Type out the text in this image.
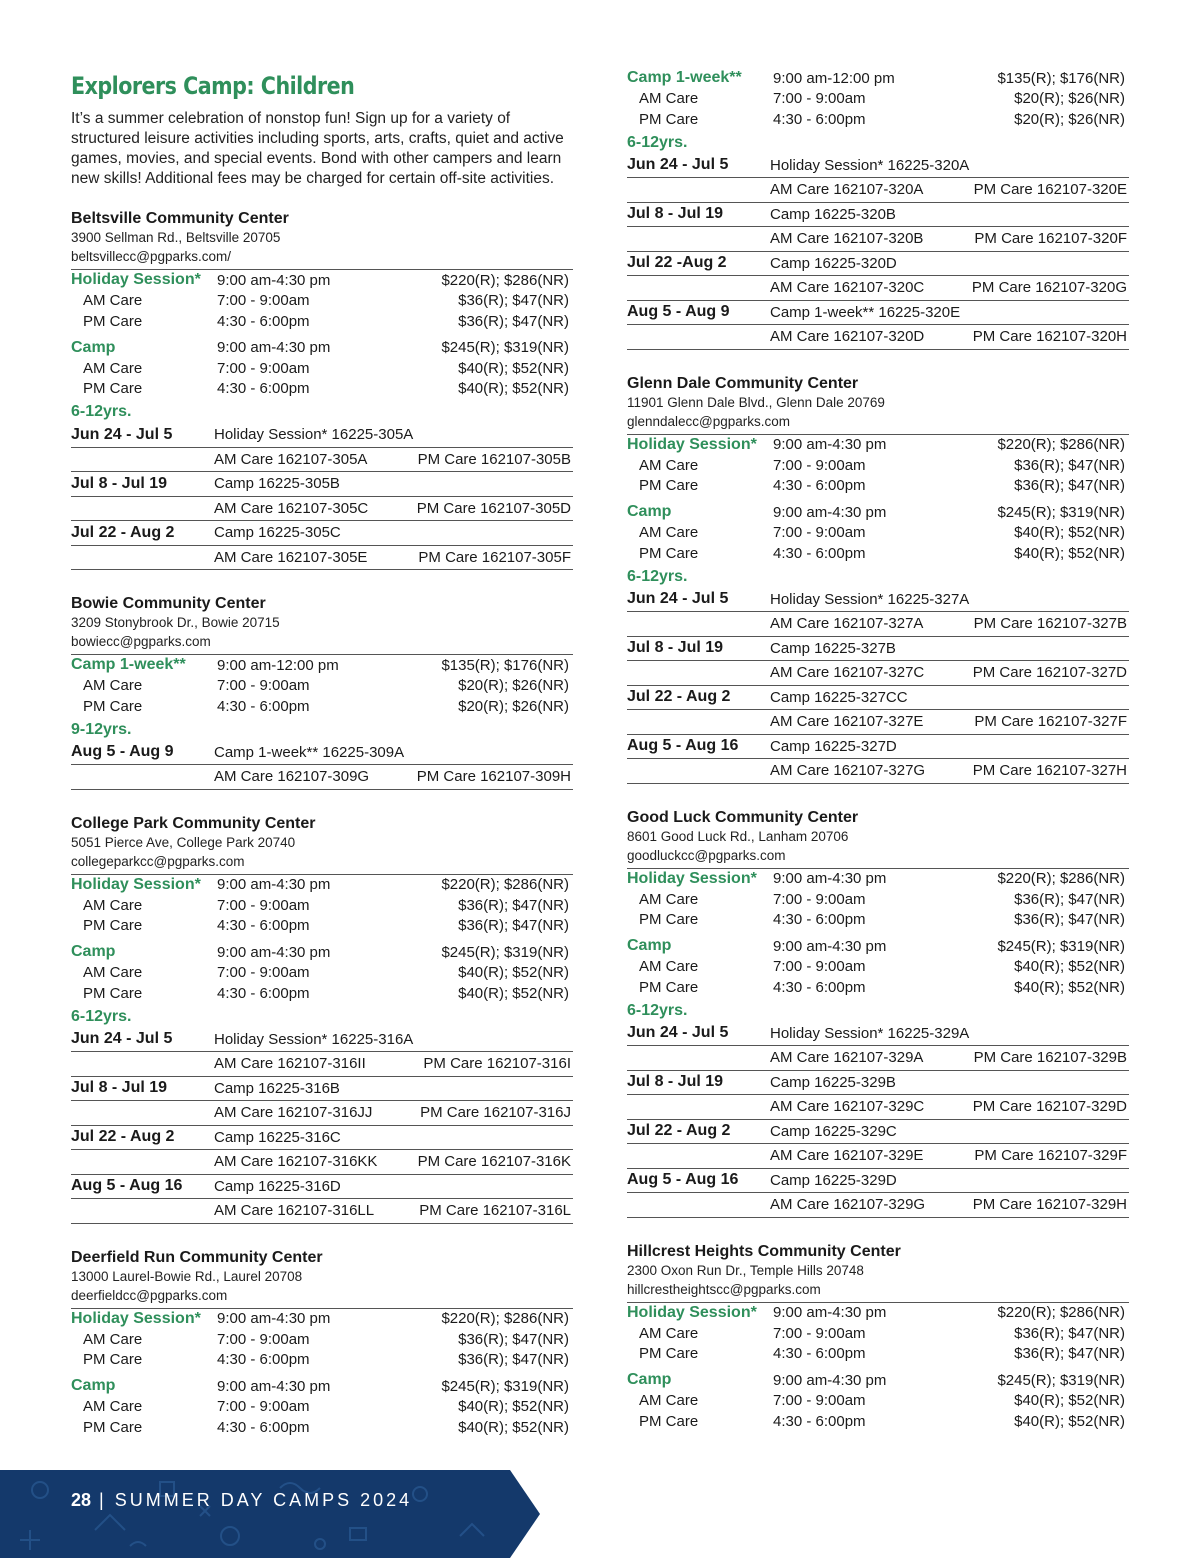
Explorers Camp: Children

It’s a summer celebration of nonstop fun! Sign up for a variety of structured leisure activities including sports, arts, crafts, quiet and active games, movies, and special events. Bond with other campers and learn new skills! Additional fees may be charged for certain off-site activities.

Beltsville Community Center
3900 Sellman Rd., Beltsville 20705
beltsvillecc@pgparks.com/
Holiday Session*	9:00 am-4:30 pm	$220(R); $286(NR)
AM Care	7:00 - 9:00am	$36(R); $47(NR)
PM Care	4:30 - 6:00pm	$36(R); $47(NR)
Camp	9:00 am-4:30 pm	$245(R); $319(NR)
AM Care	7:00 - 9:00am	$40(R); $52(NR)
PM Care	4:30 - 6:00pm	$40(R); $52(NR)
6-12yrs.
Jun 24 - Jul 5	Holiday Session* 16225-305A
AM Care 162107-305A	PM Care 162107-305B
Jul 8 - Jul 19	Camp 16225-305B
AM Care 162107-305C	PM Care 162107-305D
Jul 22 - Aug 2	Camp 16225-305C
AM Care 162107-305E	PM Care 162107-305F
Bowie Community Center
3209 Stonybrook Dr., Bowie 20715
bowiecc@pgparks.com
Camp 1-week**	9:00 am-12:00 pm	$135(R); $176(NR)
AM Care	7:00 - 9:00am	$20(R); $26(NR)
PM Care	4:30 - 6:00pm	$20(R); $26(NR)
9-12yrs.
Aug 5 - Aug 9	Camp 1-week** 16225-309A
AM Care 162107-309G	PM Care 162107-309H
College Park Community Center
5051 Pierce Ave, College Park 20740
collegeparkcc@pgparks.com
Holiday Session*	9:00 am-4:30 pm	$220(R); $286(NR)
AM Care	7:00 - 9:00am	$36(R); $47(NR)
PM Care	4:30 - 6:00pm	$36(R); $47(NR)
Camp	9:00 am-4:30 pm	$245(R); $319(NR)
AM Care	7:00 - 9:00am	$40(R); $52(NR)
PM Care	4:30 - 6:00pm	$40(R); $52(NR)
6-12yrs.
Jun 24 - Jul 5	Holiday Session* 16225-316A
AM Care 162107-316II	PM Care 162107-316I
Jul 8 - Jul 19	Camp 16225-316B
AM Care 162107-316JJ	PM Care 162107-316J
Jul 22 - Aug 2	Camp 16225-316C
AM Care 162107-316KK	PM Care 162107-316K
Aug 5 - Aug 16	Camp 16225-316D
AM Care 162107-316LL	PM Care 162107-316L
Deerfield Run Community Center
13000 Laurel-Bowie Rd., Laurel 20708
deerfieldcc@pgparks.com
Holiday Session*	9:00 am-4:30 pm	$220(R); $286(NR)
AM Care	7:00 - 9:00am	$36(R); $47(NR)
PM Care	4:30 - 6:00pm	$36(R); $47(NR)
Camp	9:00 am-4:30 pm	$245(R); $319(NR)
AM Care	7:00 - 9:00am	$40(R); $52(NR)
PM Care	4:30 - 6:00pm	$40(R); $52(NR)
Camp 1-week**	9:00 am-12:00 pm	$135(R); $176(NR)
AM Care	7:00 - 9:00am	$20(R); $26(NR)
PM Care	4:30 - 6:00pm	$20(R); $26(NR)
6-12yrs.
Jun 24 - Jul 5	Holiday Session* 16225-320A
AM Care 162107-320A	PM Care 162107-320E
Jul 8 - Jul 19	Camp 16225-320B
AM Care 162107-320B	PM Care 162107-320F
Jul 22 -Aug 2	Camp 16225-320D
AM Care 162107-320C	PM Care 162107-320G
Aug 5 - Aug 9	Camp 1-week** 16225-320E
AM Care 162107-320D	PM Care 162107-320H
Glenn Dale Community Center
11901 Glenn Dale Blvd., Glenn Dale 20769
glenndalecc@pgparks.com
Holiday Session*	9:00 am-4:30 pm	$220(R); $286(NR)
AM Care	7:00 - 9:00am	$36(R); $47(NR)
PM Care	4:30 - 6:00pm	$36(R); $47(NR)
Camp	9:00 am-4:30 pm	$245(R); $319(NR)
AM Care	7:00 - 9:00am	$40(R); $52(NR)
PM Care	4:30 - 6:00pm	$40(R); $52(NR)
6-12yrs.
Jun 24 - Jul 5	Holiday Session* 16225-327A
AM Care 162107-327A	PM Care 162107-327B
Jul 8 - Jul 19	Camp 16225-327B
AM Care 162107-327C	PM Care 162107-327D
Jul 22 - Aug 2	Camp 16225-327CC
AM Care 162107-327E	PM Care 162107-327F
Aug 5 - Aug 16	Camp 16225-327D
AM Care 162107-327G	PM Care 162107-327H
Good Luck Community Center
8601 Good Luck Rd., Lanham 20706
goodluckcc@pgparks.com
Holiday Session*	9:00 am-4:30 pm	$220(R); $286(NR)
AM Care	7:00 - 9:00am	$36(R); $47(NR)
PM Care	4:30 - 6:00pm	$36(R); $47(NR)
Camp	9:00 am-4:30 pm	$245(R); $319(NR)
AM Care	7:00 - 9:00am	$40(R); $52(NR)
PM Care	4:30 - 6:00pm	$40(R); $52(NR)
6-12yrs.
Jun 24 - Jul 5	Holiday Session* 16225-329A
AM Care 162107-329A	PM Care 162107-329B
Jul 8 - Jul 19	Camp 16225-329B
AM Care 162107-329C	PM Care 162107-329D
Jul 22 - Aug 2	Camp 16225-329C
AM Care 162107-329E	PM Care 162107-329F
Aug 5 - Aug 16	Camp 16225-329D
AM Care 162107-329G	PM Care 162107-329H
Hillcrest Heights Community Center
2300 Oxon Run Dr., Temple Hills 20748
hillcrestheightscc@pgparks.com
Holiday Session*	9:00 am-4:30 pm	$220(R); $286(NR)
AM Care	7:00 - 9:00am	$36(R); $47(NR)
PM Care	4:30 - 6:00pm	$36(R); $47(NR)
Camp	9:00 am-4:30 pm	$245(R); $319(NR)
AM Care	7:00 - 9:00am	$40(R); $52(NR)
PM Care	4:30 - 6:00pm	$40(R); $52(NR)
28 | SUMMER DAY CAMPS 2024
